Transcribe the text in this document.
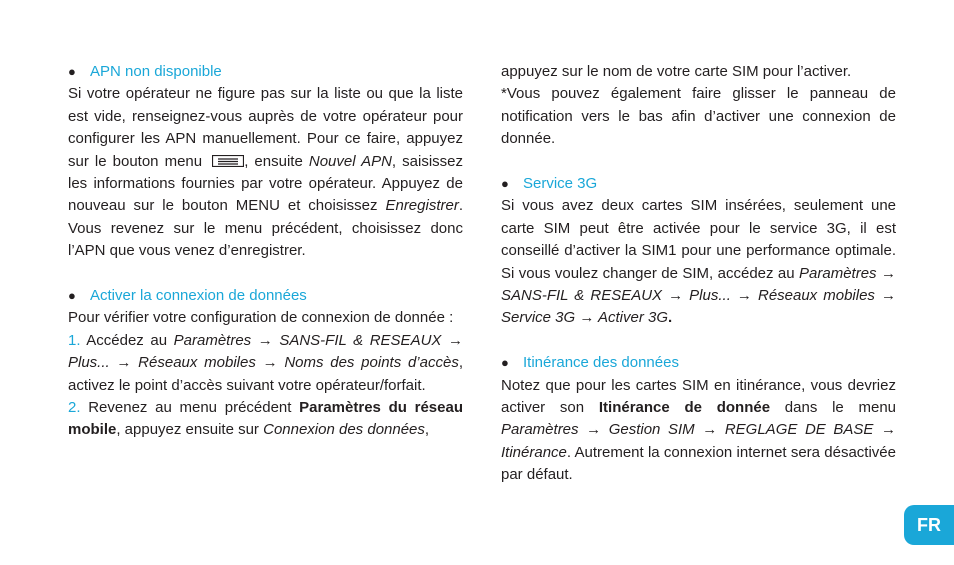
● APN non disponible

Si votre opérateur ne figure pas sur la liste ou que la liste est vide, renseignez-vous auprès de votre opérateur pour configurer les APN manuellement. Pour ce faire, appuyez sur le bouton menu	, ensuite Nouvel APN, saisissez les informations fournies par votre opérateur. Appuyez de nouveau sur le bouton MENU et choisissez Enregistrer. Vous revenez sur le menu précédent, choisissez donc l’APN que vous venez d’enregistrer.

● Activer la connexion de données

Pour vérifier votre configuration de connexion de donnée :

1. Accédez au Paramètres → SANS-FIL & RESEAUX → Plus... → Réseaux mobiles → Noms des points d’accès, activez le point d’accès suivant votre opérateur/forfait.

2. Revenez au menu précédent Paramètres du réseau mobile, appuyez ensuite sur Connexion des données,

appuyez sur le nom de votre carte SIM pour l’activer.

*Vous pouvez également faire glisser le panneau de notification vers le bas afin d’activer une connexion de donnée.

● Service 3G

Si vous avez deux cartes SIM insérées, seulement une carte SIM peut être activée pour le service 3G, il est conseillé d’activer la SIM1 pour une performance optimale. Si vous voulez changer de SIM, accédez au Paramètres → SANS-FIL & RESEAUX → Plus... → Réseaux mobiles → Service 3G → Activer 3G.

● Itinérance des données

Notez que pour les cartes SIM en itinérance, vous devriez activer son Itinérance de donnée dans le menu Paramètres → Gestion SIM → REGLAGE DE BASE → Itinérance. Autrement la connexion internet sera désactivée par défaut.

FR
